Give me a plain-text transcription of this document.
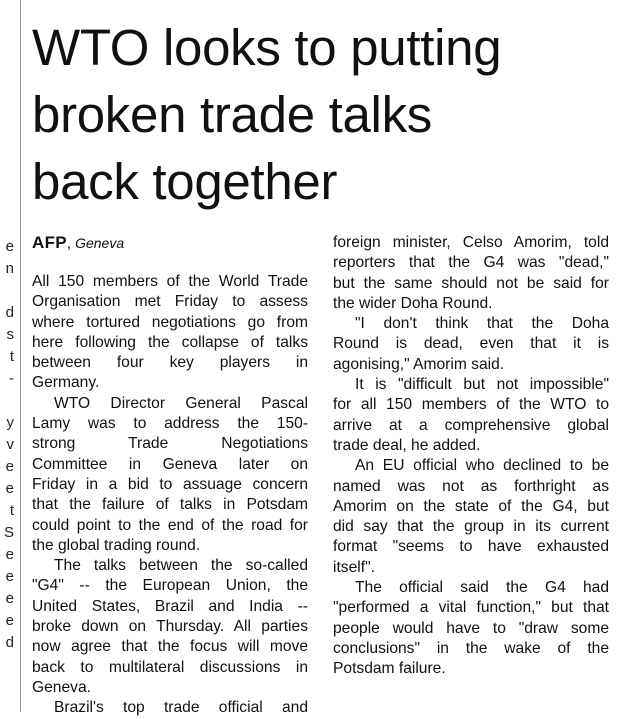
e
n
d
s
t
-
y
v
e
e
t
S
e
e
e
e
d
WTO looks to putting
broken trade talks
back together
AFP, Geneva
All 150 members of the World Trade
Organisation met Friday to assess
where tortured negotiations go from
here following the collapse of talks
between four key players in
Germany.
WTO Director General Pascal
Lamy was to address the 150-
strong Trade Negotiations
Committee in Geneva later on
Friday in a bid to assuage concern
that the failure of talks in Potsdam
could point to the end of the road for
the global trading round.
The talks between the so-called
"G4" -- the European Union, the
United States, Brazil and India --
broke down on Thursday. All parties
now agree that the focus will move
back to multilateral discussions in
Geneva.
Brazil's top trade official and
foreign minister, Celso Amorim, told
reporters that the G4 was "dead,"
but the same should not be said for
the wider Doha Round.
"I don't think that the Doha
Round is dead, even that it is
agonising," Amorim said.
It is "difficult but not impossible"
for all 150 members of the WTO to
arrive at a comprehensive global
trade deal, he added.
An EU official who declined to be
named was not as forthright as
Amorim on the state of the G4, but
did say that the group in its current
format "seems to have exhausted
itself".
The official said the G4 had
"performed a vital function," but that
people would have to "draw some
conclusions" in the wake of the
Potsdam failure.
